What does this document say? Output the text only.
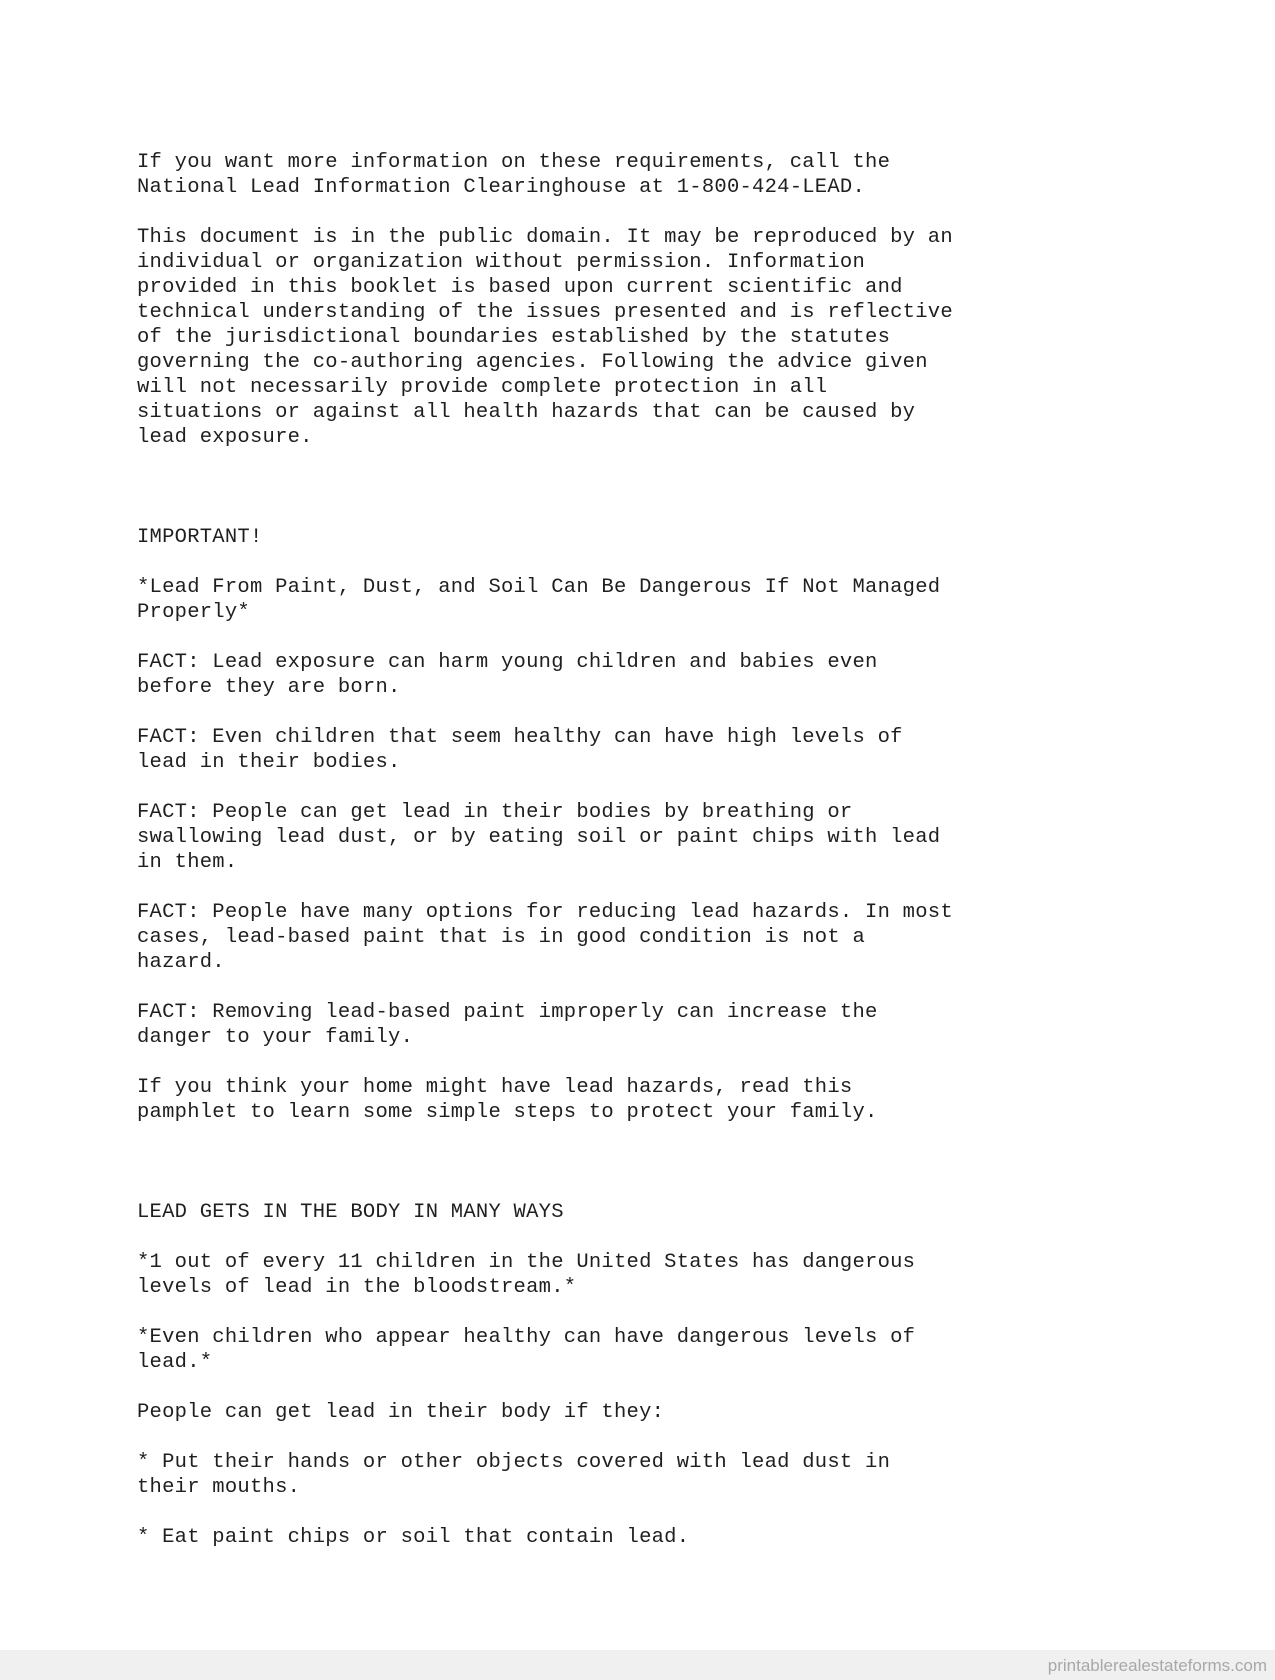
If you want more information on these requirements, call the
National Lead Information Clearinghouse at 1-800-424-LEAD.
This document is in the public domain. It may be reproduced by an
individual or organization without permission. Information
provided in this booklet is based upon current scientific and
technical understanding of the issues presented and is reflective
of the jurisdictional boundaries established by the statutes
governing the co-authoring agencies. Following the advice given
will not necessarily provide complete protection in all
situations or against all health hazards that can be caused by
lead exposure.
IMPORTANT!
*Lead From Paint, Dust, and Soil Can Be Dangerous If Not Managed
Properly*
FACT: Lead exposure can harm young children and babies even
before they are born.
FACT: Even children that seem healthy can have high levels of
lead in their bodies.
FACT: People can get lead in their bodies by breathing or
swallowing lead dust, or by eating soil or paint chips with lead
in them.
FACT: People have many options for reducing lead hazards. In most
cases, lead-based paint that is in good condition is not a
hazard.
FACT: Removing lead-based paint improperly can increase the
danger to your family.
If you think your home might have lead hazards, read this
pamphlet to learn some simple steps to protect your family.
LEAD GETS IN THE BODY IN MANY WAYS
*1 out of every 11 children in the United States has dangerous
levels of lead in the bloodstream.*
*Even children who appear healthy can have dangerous levels of
lead.*
People can get lead in their body if they:
* Put their hands or other objects covered with lead dust in
their mouths.
* Eat paint chips or soil that contain lead.
printablerealestateforms.com
